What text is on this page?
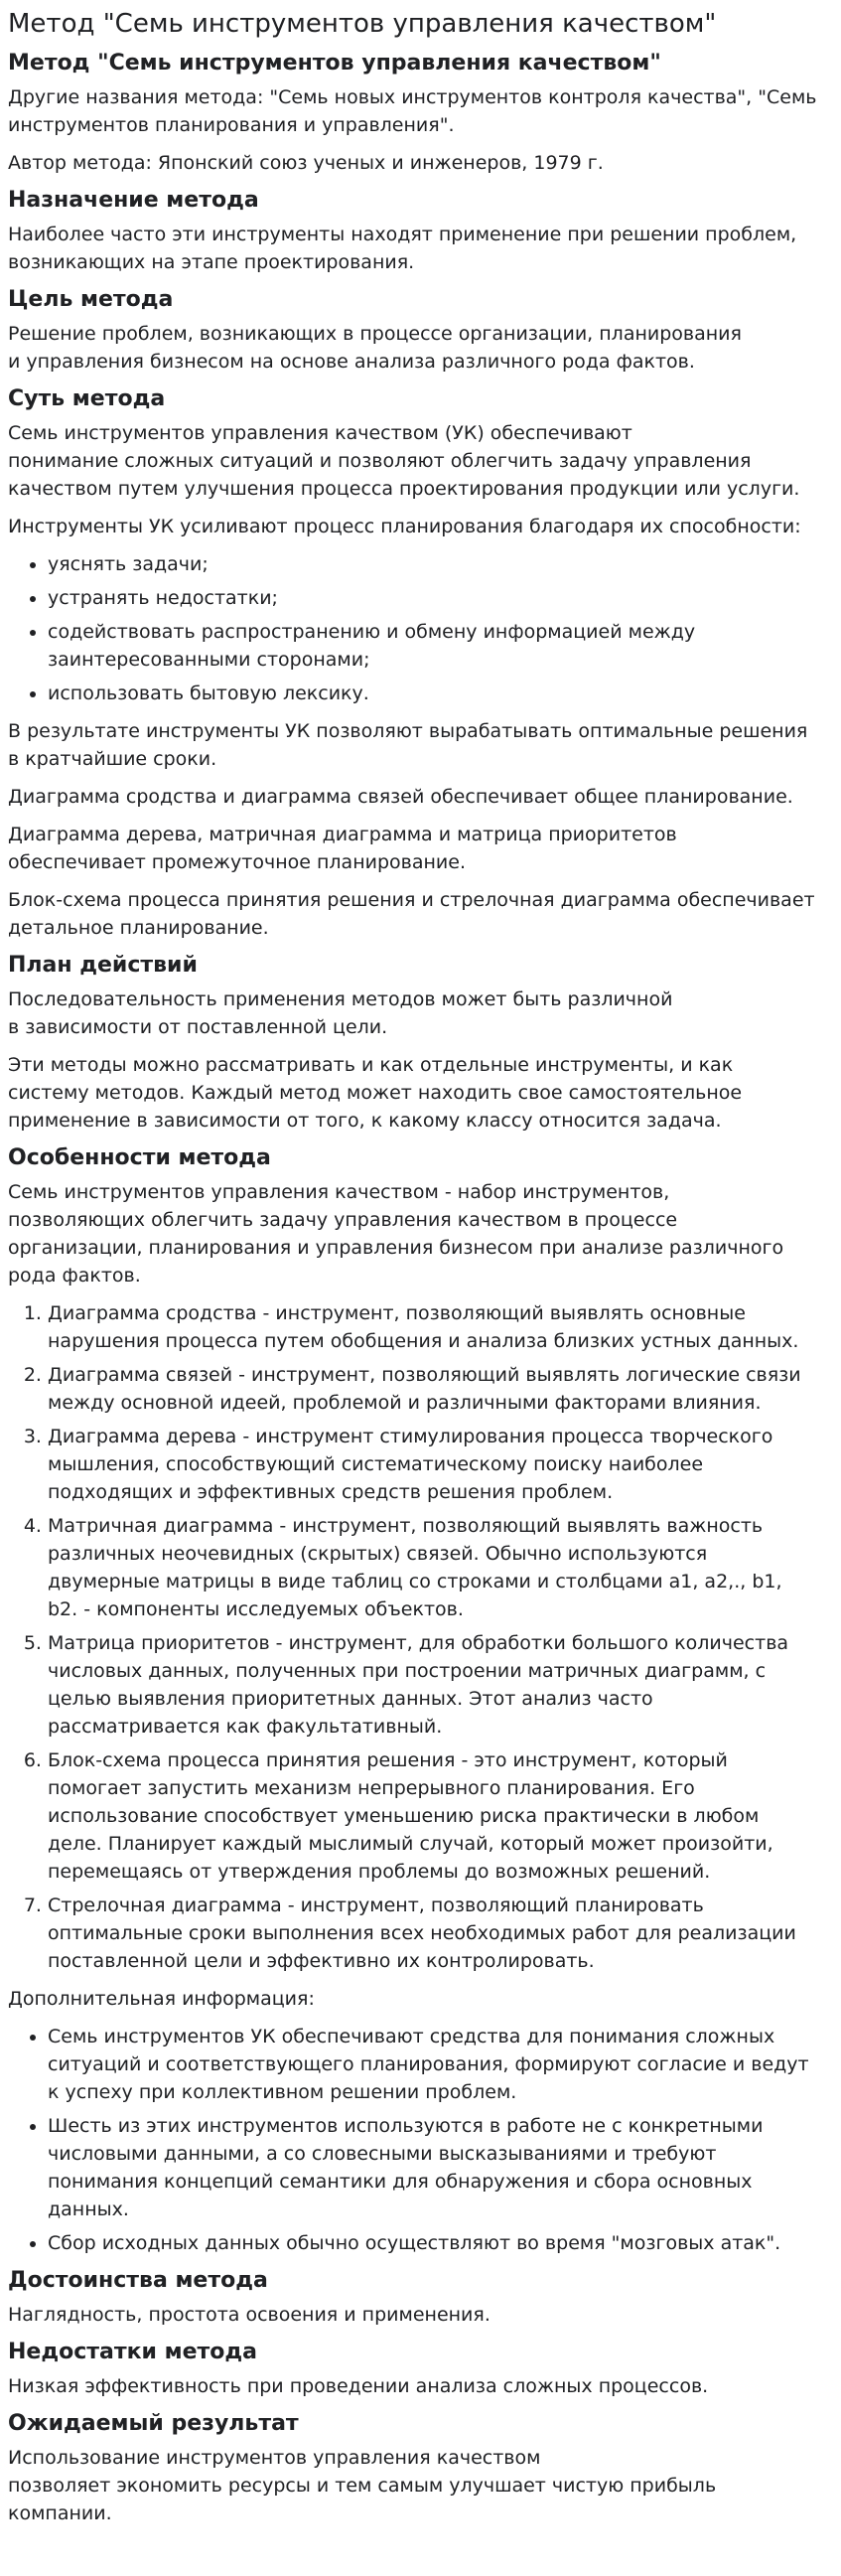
Метод "Семь инструментов управления качеством"
Метод "Семь инструментов управления качеством"

Другие названия метода: "Семь новых инструментов контроля качества", "Семь инструментов планирования и управления".

Автор метода: Японский союз ученых и инженеров, 1979 г.

Назначение метода

Наиболее часто эти инструменты находят применение при решении проблем, возникающих на этапе проектирования.

Цель метода

Решение проблем, возникающих в процессе организации, планирования
и управления бизнесом на основе анализа различного рода фактов.

Суть метода

Семь инструментов управления качеством (УК) обеспечивают
понимание сложных ситуаций и позволяют облегчить задачу управления качеством путем улучшения процесса проектирования продукции или услуги.

Инструменты УК усиливают процесс планирования благодаря их способности:

• уяснять задачи;
• устранять недостатки;
• содействовать распространению и обмену информацией между заинтересованными сторонами;
• использовать бытовую лексику.

В результате инструменты УК позволяют вырабатывать оптимальные решения в кратчайшие сроки.

Диаграмма сродства и диаграмма связей обеспечивает общее планирование.

Диаграмма дерева, матричная диаграмма и матрица приоритетов обеспечивает промежуточное планирование.

Блок-схема процесса принятия решения и стрелочная диаграмма обеспечивает детальное планирование.

План действий

Последовательность применения методов может быть различной
в зависимости от поставленной цели.

Эти методы можно рассматривать и как отдельные инструменты, и как систему методов. Каждый метод может находить свое самостоятельное применение в зависимости от того, к какому классу относится задача.

Особенности метода

Семь инструментов управления качеством - набор инструментов,
позволяющих облегчить задачу управления качеством в процессе организации, планирования и управления бизнесом при анализе различного рода фактов.

1. Диаграмма сродства - инструмент, позволяющий выявлять основные нарушения процесса путем обобщения и анализа близких устных данных.
2. Диаграмма связей - инструмент, позволяющий выявлять логические связи между основной идеей, проблемой и различными факторами влияния.
3. Диаграмма дерева - инструмент стимулирования процесса творческого мышления, способствующий систематическому поиску наиболее подходящих и эффективных средств решения проблем.
4. Матричная диаграмма - инструмент, позволяющий выявлять важность различных неочевидных (скрытых) связей. Обычно используются двумерные матрицы в виде таблиц со строками и столбцами а1, а2,., b1, b2. - компоненты исследуемых объектов.
5. Матрица приоритетов - инструмент, для обработки большого количества числовых данных, полученных при построении матричных диаграмм, с целью выявления приоритетных данных. Этот анализ часто рассматривается как факультативный.
6. Блок-схема процесса принятия решения - это инструмент, который помогает запустить механизм непрерывного планирования. Его использование способствует уменьшению риска практически в любом деле. Планирует каждый мыслимый случай, который может произойти, перемещаясь от утверждения проблемы до возможных решений.
7. Стрелочная диаграмма - инструмент, позволяющий планировать оптимальные сроки выполнения всех необходимых работ для реализации поставленной цели и эффективно их контролировать.

Дополнительная информация:

• Семь инструментов УК обеспечивают средства для понимания сложных ситуаций и соответствующего планирования, формируют согласие и ведут к успеху при коллективном решении проблем.
• Шесть из этих инструментов используются в работе не с конкретными числовыми данными, а со словесными высказываниями и требуют понимания концепций семантики для обнаружения и сбора основных данных.
• Сбор исходных данных обычно осуществляют во время "мозговых атак".
Достоинства метода

Наглядность, простота освоения и применения.

Недостатки метода

Низкая эффективность при проведении анализа сложных процессов.

Ожидаемый результат

Использование инструментов управления качеством
позволяет экономить ресурсы и тем самым улучшает чистую прибыль компании.
